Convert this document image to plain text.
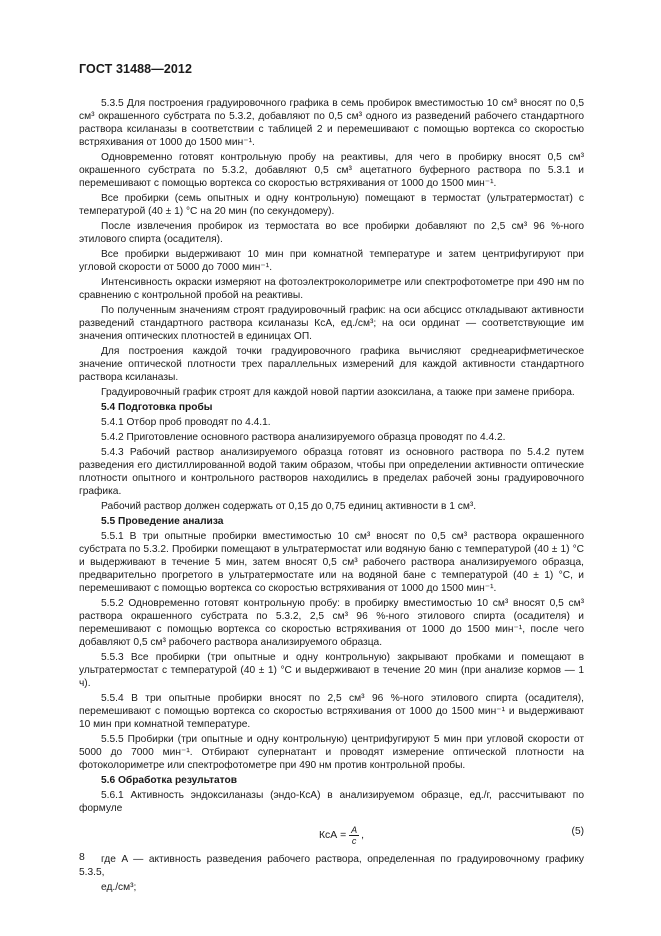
ГОСТ 31488—2012

5.3.5 Для построения градуировочного графика в семь пробирок вместимостью 10 см³ вносят по 0,5 см³ окрашенного субстрата по 5.3.2, добавляют по 0,5 см³ одного из разведений рабочего стандартного раствора ксиланазы в соответствии с таблицей 2 и перемешивают с помощью вортекса со скоростью встряхивания от 1000 до 1500 мин⁻¹.

Одновременно готовят контрольную пробу на реактивы, для чего в пробирку вносят 0,5 см³ окрашенного субстрата по 5.3.2, добавляют 0,5 см³ ацетатного буферного раствора по 5.3.1 и перемешивают с помощью вортекса со скоростью встряхивания от 1000 до 1500 мин⁻¹.

Все пробирки (семь опытных и одну контрольную) помещают в термостат (ультратермостат) с температурой (40 ± 1) °С на 20 мин (по секундомеру).

После извлечения пробирок из термостата во все пробирки добавляют по 2,5 см³ 96 %-ного этилового спирта (осадителя).

Все пробирки выдерживают 10 мин при комнатной температуре и затем центрифугируют при угловой скорости от 5000 до 7000 мин⁻¹.

Интенсивность окраски измеряют на фотоэлектроколориметре или спектрофотометре при 490 нм по сравнению с контрольной пробой на реактивы.

По полученным значениям строят градуировочный график: на оси абсцисс откладывают активности разведений стандартного раствора ксиланазы КсА, ед./см³; на оси ординат — соответствующие им значения оптических плотностей в единицах ОП.

Для построения каждой точки градуировочного графика вычисляют среднеарифметическое значение оптической плотности трех параллельных измерений для каждой активности стандартного раствора ксиланазы.

Градуировочный график строят для каждой новой партии азоксилана, а также при замене прибора.

5.4 Подготовка пробы

5.4.1 Отбор проб проводят по 4.4.1.

5.4.2 Приготовление основного раствора анализируемого образца проводят по 4.4.2.

5.4.3 Рабочий раствор анализируемого образца готовят из основного раствора по 5.4.2 путем разведения его дистиллированной водой таким образом, чтобы при определении активности оптические плотности опытного и контрольного растворов находились в пределах рабочей зоны градуировочного графика.

Рабочий раствор должен содержать от 0,15 до 0,75 единиц активности в 1 см³.

5.5 Проведение анализа

5.5.1 В три опытные пробирки вместимостью 10 см³ вносят по 0,5 см³ раствора окрашенного субстрата по 5.3.2. Пробирки помещают в ультратермостат или водяную баню с температурой (40 ± 1) °С и выдерживают в течение 5 мин, затем вносят 0,5 см³ рабочего раствора анализируемого образца, предварительно прогретого в ультратермостате или на водяной бане с температурой (40 ± 1) °С, и перемешивают с помощью вортекса со скоростью встряхивания от 1000 до 1500 мин⁻¹.

5.5.2 Одновременно готовят контрольную пробу: в пробирку вместимостью 10 см³ вносят 0,5 см³ раствора окрашенного субстрата по 5.3.2, 2,5 см³ 96 %-ного этилового спирта (осадителя) и перемешивают с помощью вортекса со скоростью встряхивания от 1000 до 1500 мин⁻¹, после чего добавляют 0,5 см³ рабочего раствора анализируемого образца.

5.5.3 Все пробирки (три опытные и одну контрольную) закрывают пробками и помещают в ультратермостат с температурой (40 ± 1) °С и выдерживают в течение 20 мин (при анализе кормов — 1 ч).

5.5.4 В три опытные пробирки вносят по 2,5 см³ 96 %-ного этилового спирта (осадителя), перемешивают с помощью вортекса со скоростью встряхивания от 1000 до 1500 мин⁻¹ и выдерживают 10 мин при комнатной температуре.

5.5.5 Пробирки (три опытные и одну контрольную) центрифугируют 5 мин при угловой скорости от 5000 до 7000 мин⁻¹. Отбирают супернатант и проводят измерение оптической плотности на фотоколориметре или спектрофотометре при 490 нм против контрольной пробы.

5.6 Обработка результатов

5.6.1 Активность эндоксиланазы (эндо-КсА) в анализируемом образце, ед./г, рассчитывают по формуле

КсА = $\frac{A}{c}$ ,	(5)

где A — активность разведения рабочего раствора, определенная по градуировочному графику 5.3.5,

ед./см³;

8
